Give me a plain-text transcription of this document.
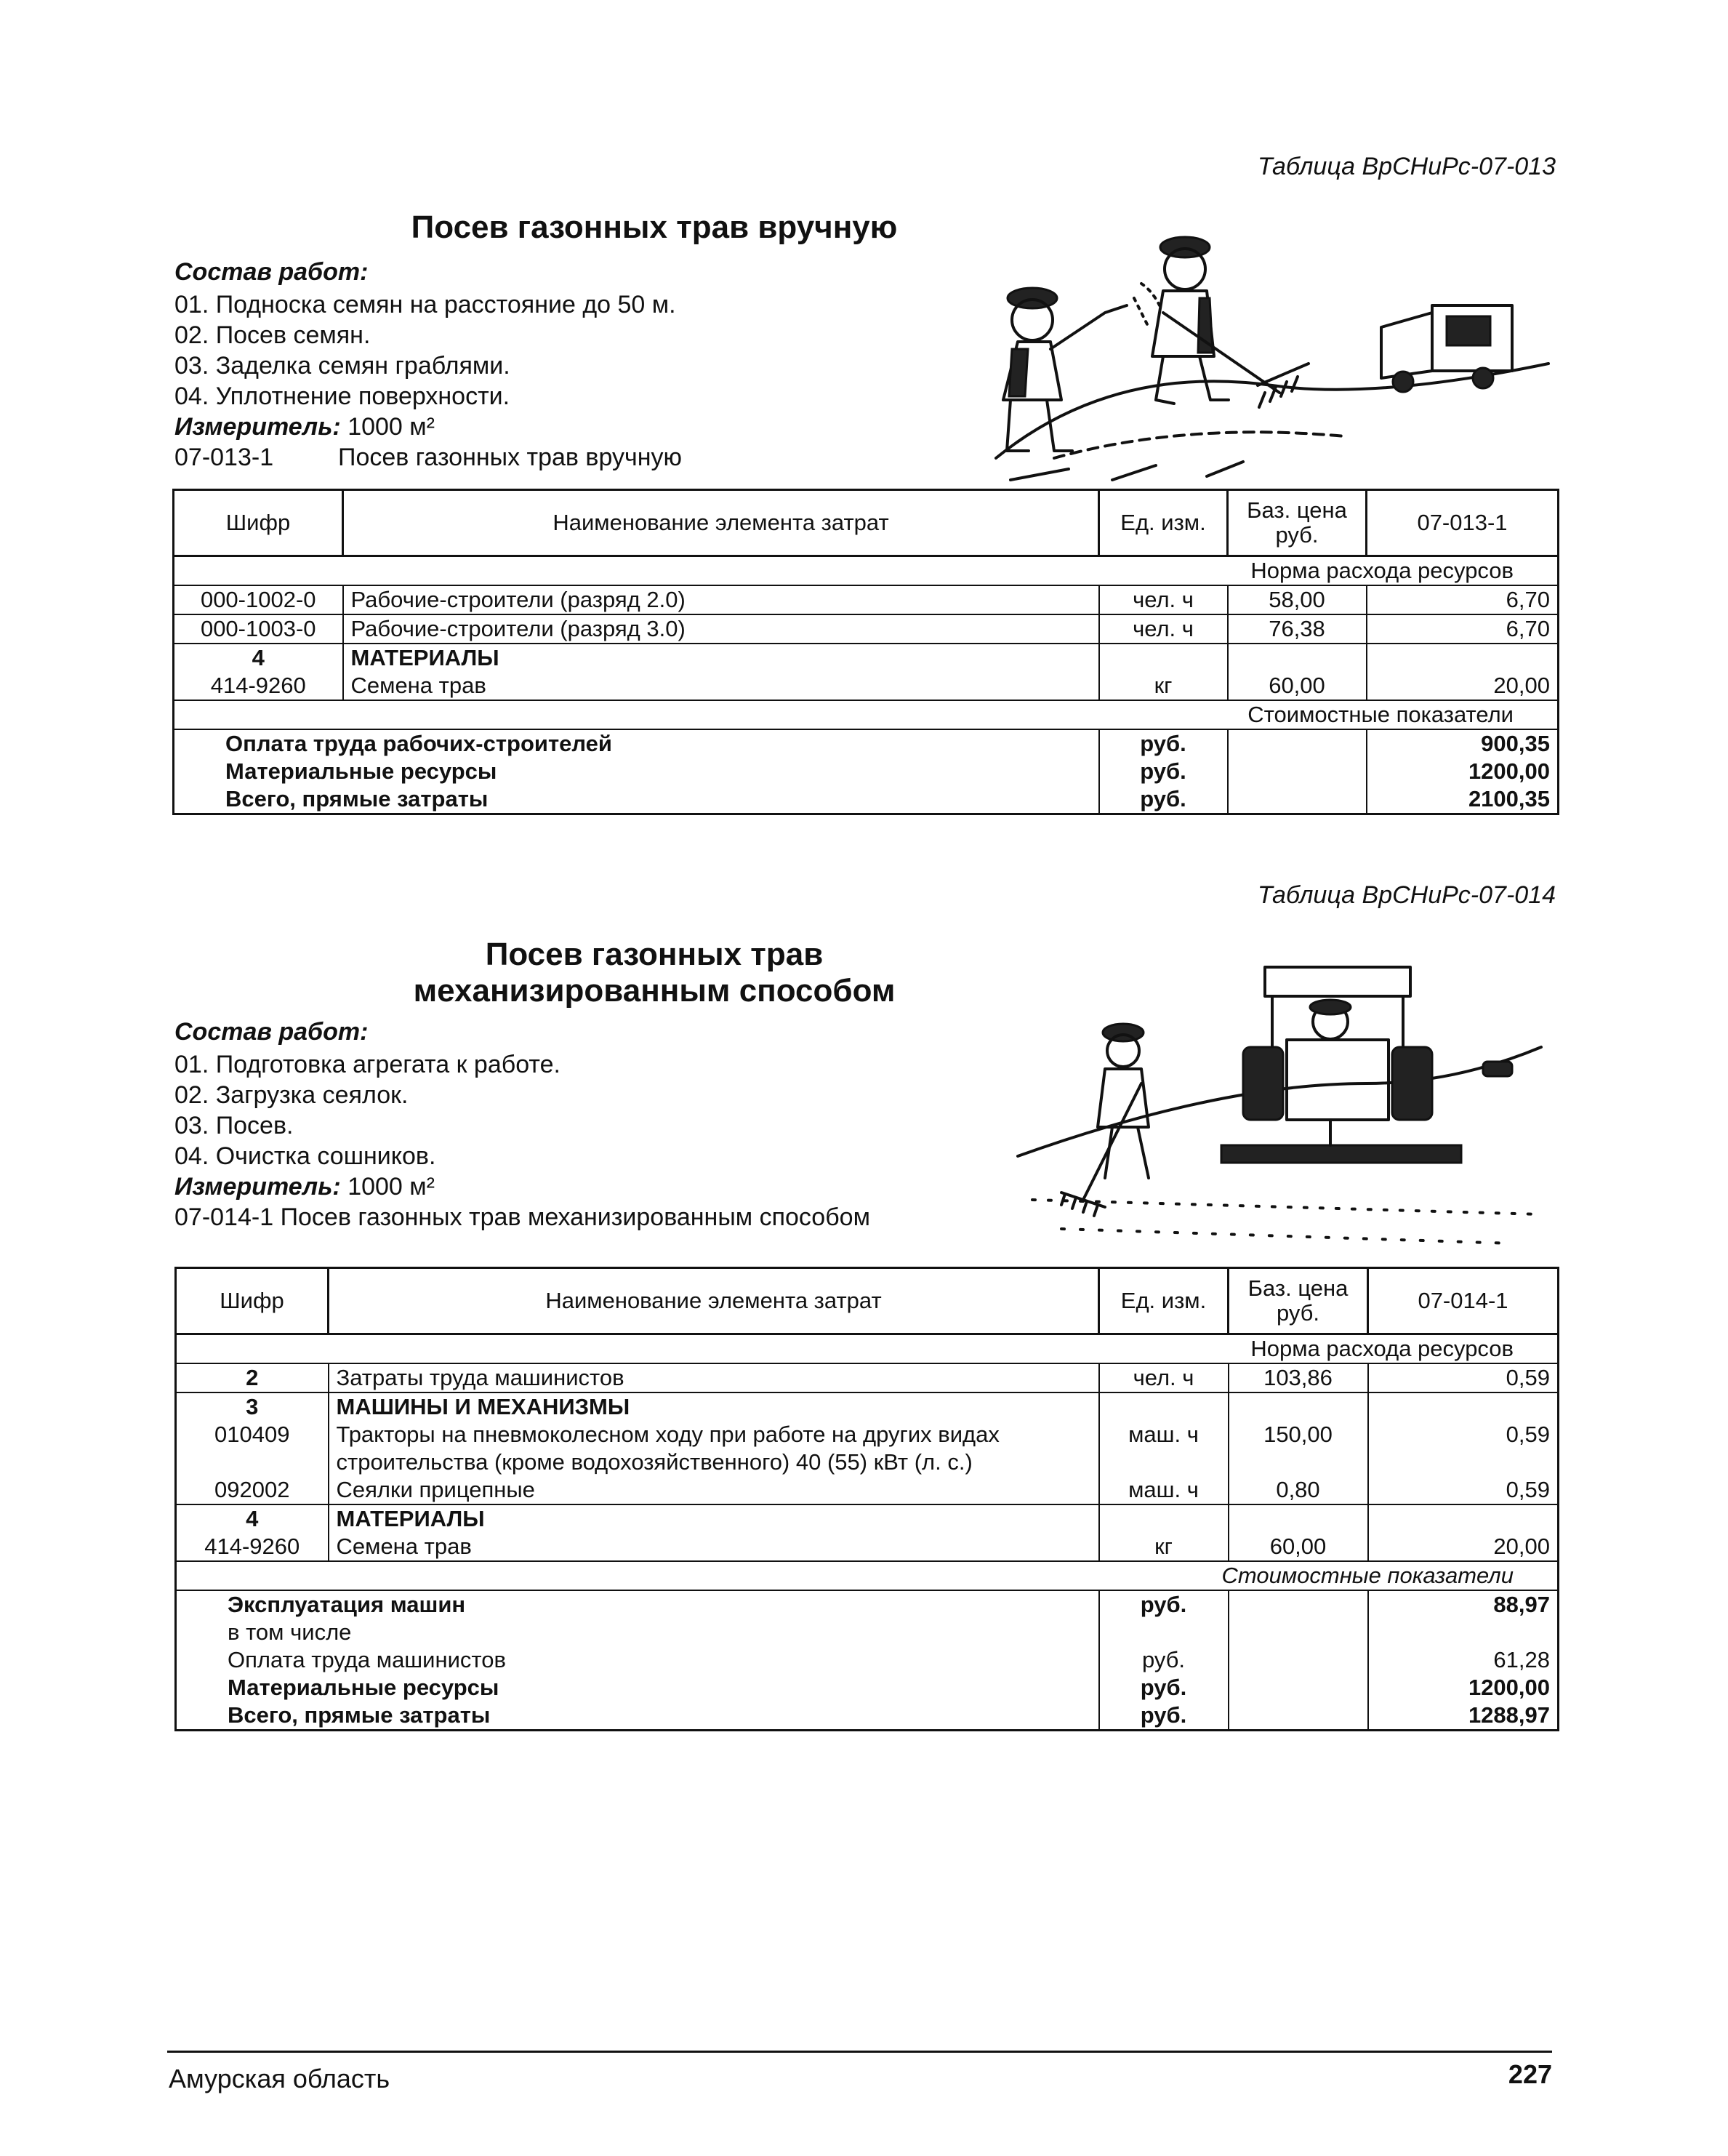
Таблица ВрСНиРс-07-013
Посев газонных трав вручную
Состав работ:
01. Подноска семян на расстояние до 50 м.
02. Посев семян.
03. Заделка семян граблями.
04. Уплотнение поверхности.
Измеритель: 1000 м²
07-013-1	Посев газонных трав вручную
Шифр	Наименование элемента затрат	Ед. изм.	Баз. цена руб.	07-013-1
Норма расхода ресурсов				
000-1002-0	Рабочие-строители (разряд 2.0)	чел. ч	58,00	6,70
000-1003-0	Рабочие-строители (разряд 3.0)	чел. ч	76,38	6,70
4	МАТЕРИАЛЫ			
414-9260	Семена трав	кг	60,00	20,00
Стоимостные показатели				
Оплата труда рабочих-строителей		руб.		900,35
Материальные ресурсы		руб.		1200,00
Всего, прямые затраты		руб.		2100,35
Таблица ВрСНиРс-07-014
Посев газонных трав
механизированным способом
Состав работ:
01. Подготовка агрегата к работе.
02. Загрузка сеялок.
03. Посев.
04. Очистка сошников.
Измеритель: 1000 м²
07-014-1 Посев газонных трав механизированным способом
Шифр	Наименование элемента затрат	Ед. изм.	Баз. цена руб.	07-014-1
Норма расхода ресурсов				
2	Затраты труда машинистов	чел. ч	103,86	0,59
3	МАШИНЫ И МЕХАНИЗМЫ			
010409	Тракторы на пневмоколесном ходу при работе на других видах строительства (кроме водохозяйственного) 40 (55) кВт (л. с.)	маш. ч	150,00	0,59
092002	Сеялки прицепные	маш. ч	0,80	0,59
4	МАТЕРИАЛЫ			
414-9260	Семена трав	кг	60,00	20,00
Стоимостные показатели				
Эксплуатация машин		руб.		88,97
в том числе				
Оплата труда машинистов		руб.		61,28
Материальные ресурсы		руб.		1200,00
Всего, прямые затраты		руб.		1288,97
Амурская область	227
